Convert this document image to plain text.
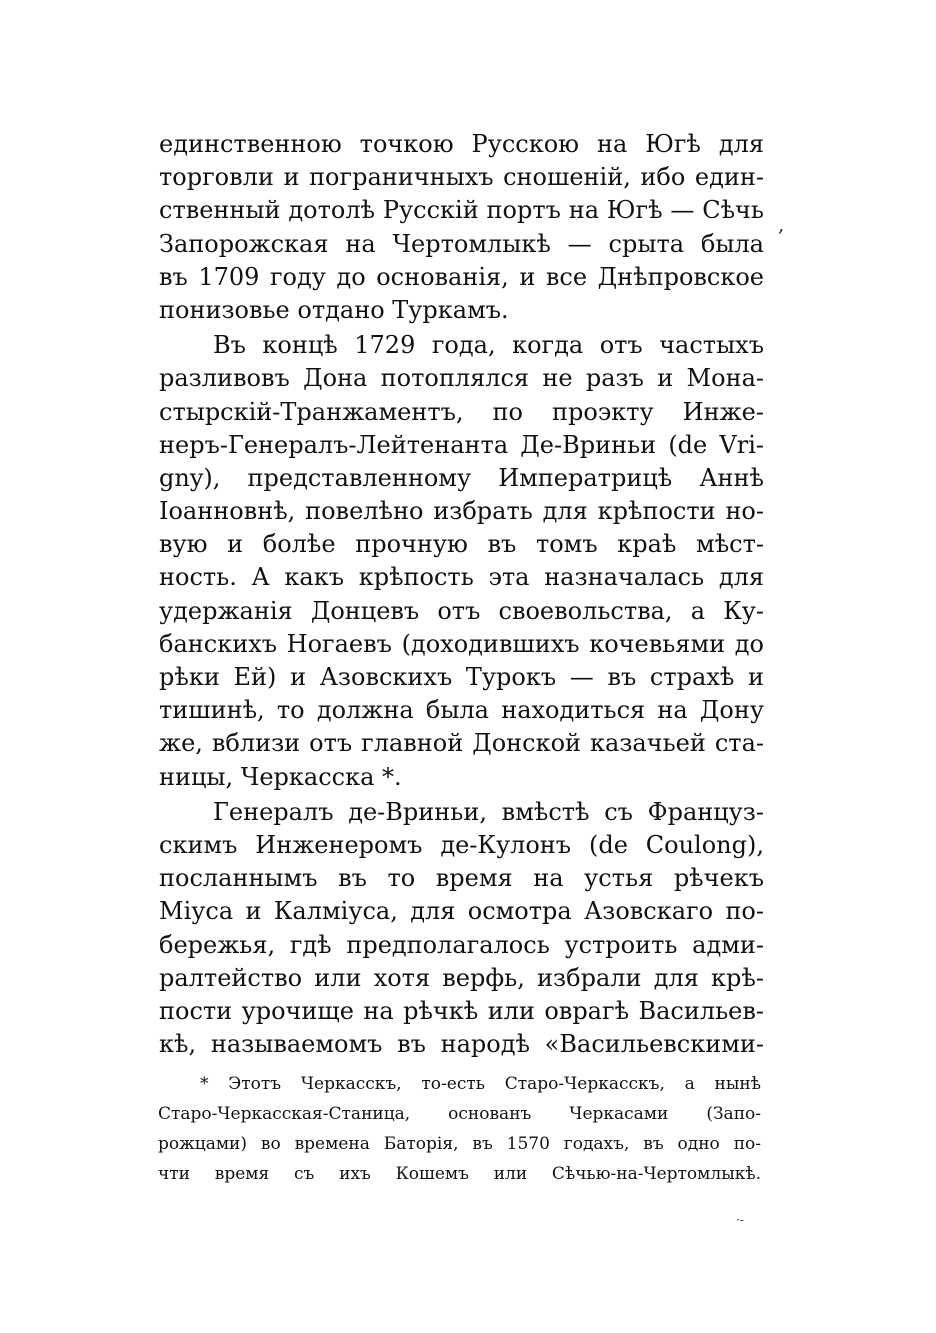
единственною точкою Русскою на Югѣ для
торговли и пограничныхъ сношеній, ибо един-
ственный дотолѣ Русскій портъ на Югѣ — Сѣчь
Запорожская на Чертомлыкѣ — срыта была
въ 1709 году до основанія, и все Днѣпровское
понизовье отдано Туркамъ.
Въ концѣ 1729 года, когда отъ частыхъ
разливовъ Дона потоплялся не разъ и Мона-
стырскій-Транжаментъ, по проэкту Инже-
неръ-Генералъ-Лейтенанта Де-Вриньи (de Vri-
gny), представленному Императрицѣ Аннѣ
Іоанновнѣ, повелѣно избрать для крѣпости но-
вую и болѣе прочную въ томъ краѣ мѣст-
ность. А какъ крѣпость эта назначалась для
удержанія Донцевъ отъ своевольства, а Ку-
банскихъ Ногаевъ (доходившихъ кочевьями до
рѣки Ей) и Азовскихъ Турокъ — въ страхѣ и
тишинѣ, то должна была находиться на Дону
же, вблизи отъ главной Донской казачьей ста-
ницы, Черкасска *.
Генералъ де-Вриньи, вмѣстѣ съ Француз-
скимъ Инженеромъ де-Кулонъ (de Coulong),
посланнымъ въ то время на устья рѣчекъ
Міуса и Калміуса, для осмотра Азовскаго по-
бережья, гдѣ предполагалось устроить адми-
ралтейство или хотя верфь, избрали для крѣ-
пости урочище на рѣчкѣ или оврагѣ Васильев-
кѣ, называемомъ въ народѣ «Васильевскими-
* Этотъ Черкасскъ, то-есть Старо-Черкасскъ, а нынѣ
Старо-Черкасская-Станица, основанъ Черкасами (Запо-
рожцами) во времена Баторія, въ 1570 годахъ, въ одно по-
чти время съ ихъ Кошемъ или Сѣчью-на-Чертомлыкѣ.
,
·-
